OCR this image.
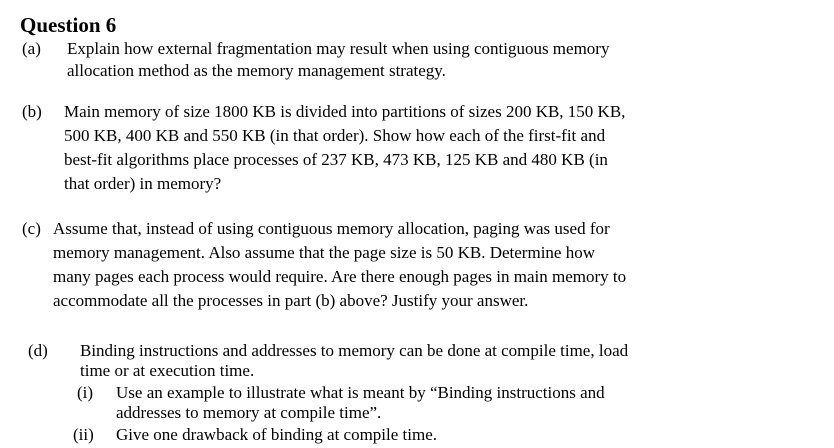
Question 6
(a) Explain how external fragmentation may result when using contiguous memory
allocation method as the memory management strategy.
(b) Main memory of size 1800 KB is divided into partitions of sizes 200 KB, 150 KB,
500 KB, 400 KB and 550 KB (in that order). Show how each of the first-fit and
best-fit algorithms place processes of 237 KB, 473 KB, 125 KB and 480 KB (in
that order) in memory?
(c) Assume that, instead of using contiguous memory allocation, paging was used for
memory management. Also assume that the page size is 50 KB. Determine how
many pages each process would require. Are there enough pages in main memory to
accommodate all the processes in part (b) above? Justify your answer.
(d) Binding instructions and addresses to memory can be done at compile time, load
time or at execution time.
(i) Use an example to illustrate what is meant by “Binding instructions and
addresses to memory at compile time”.
(ii) Give one drawback of binding at compile time.
